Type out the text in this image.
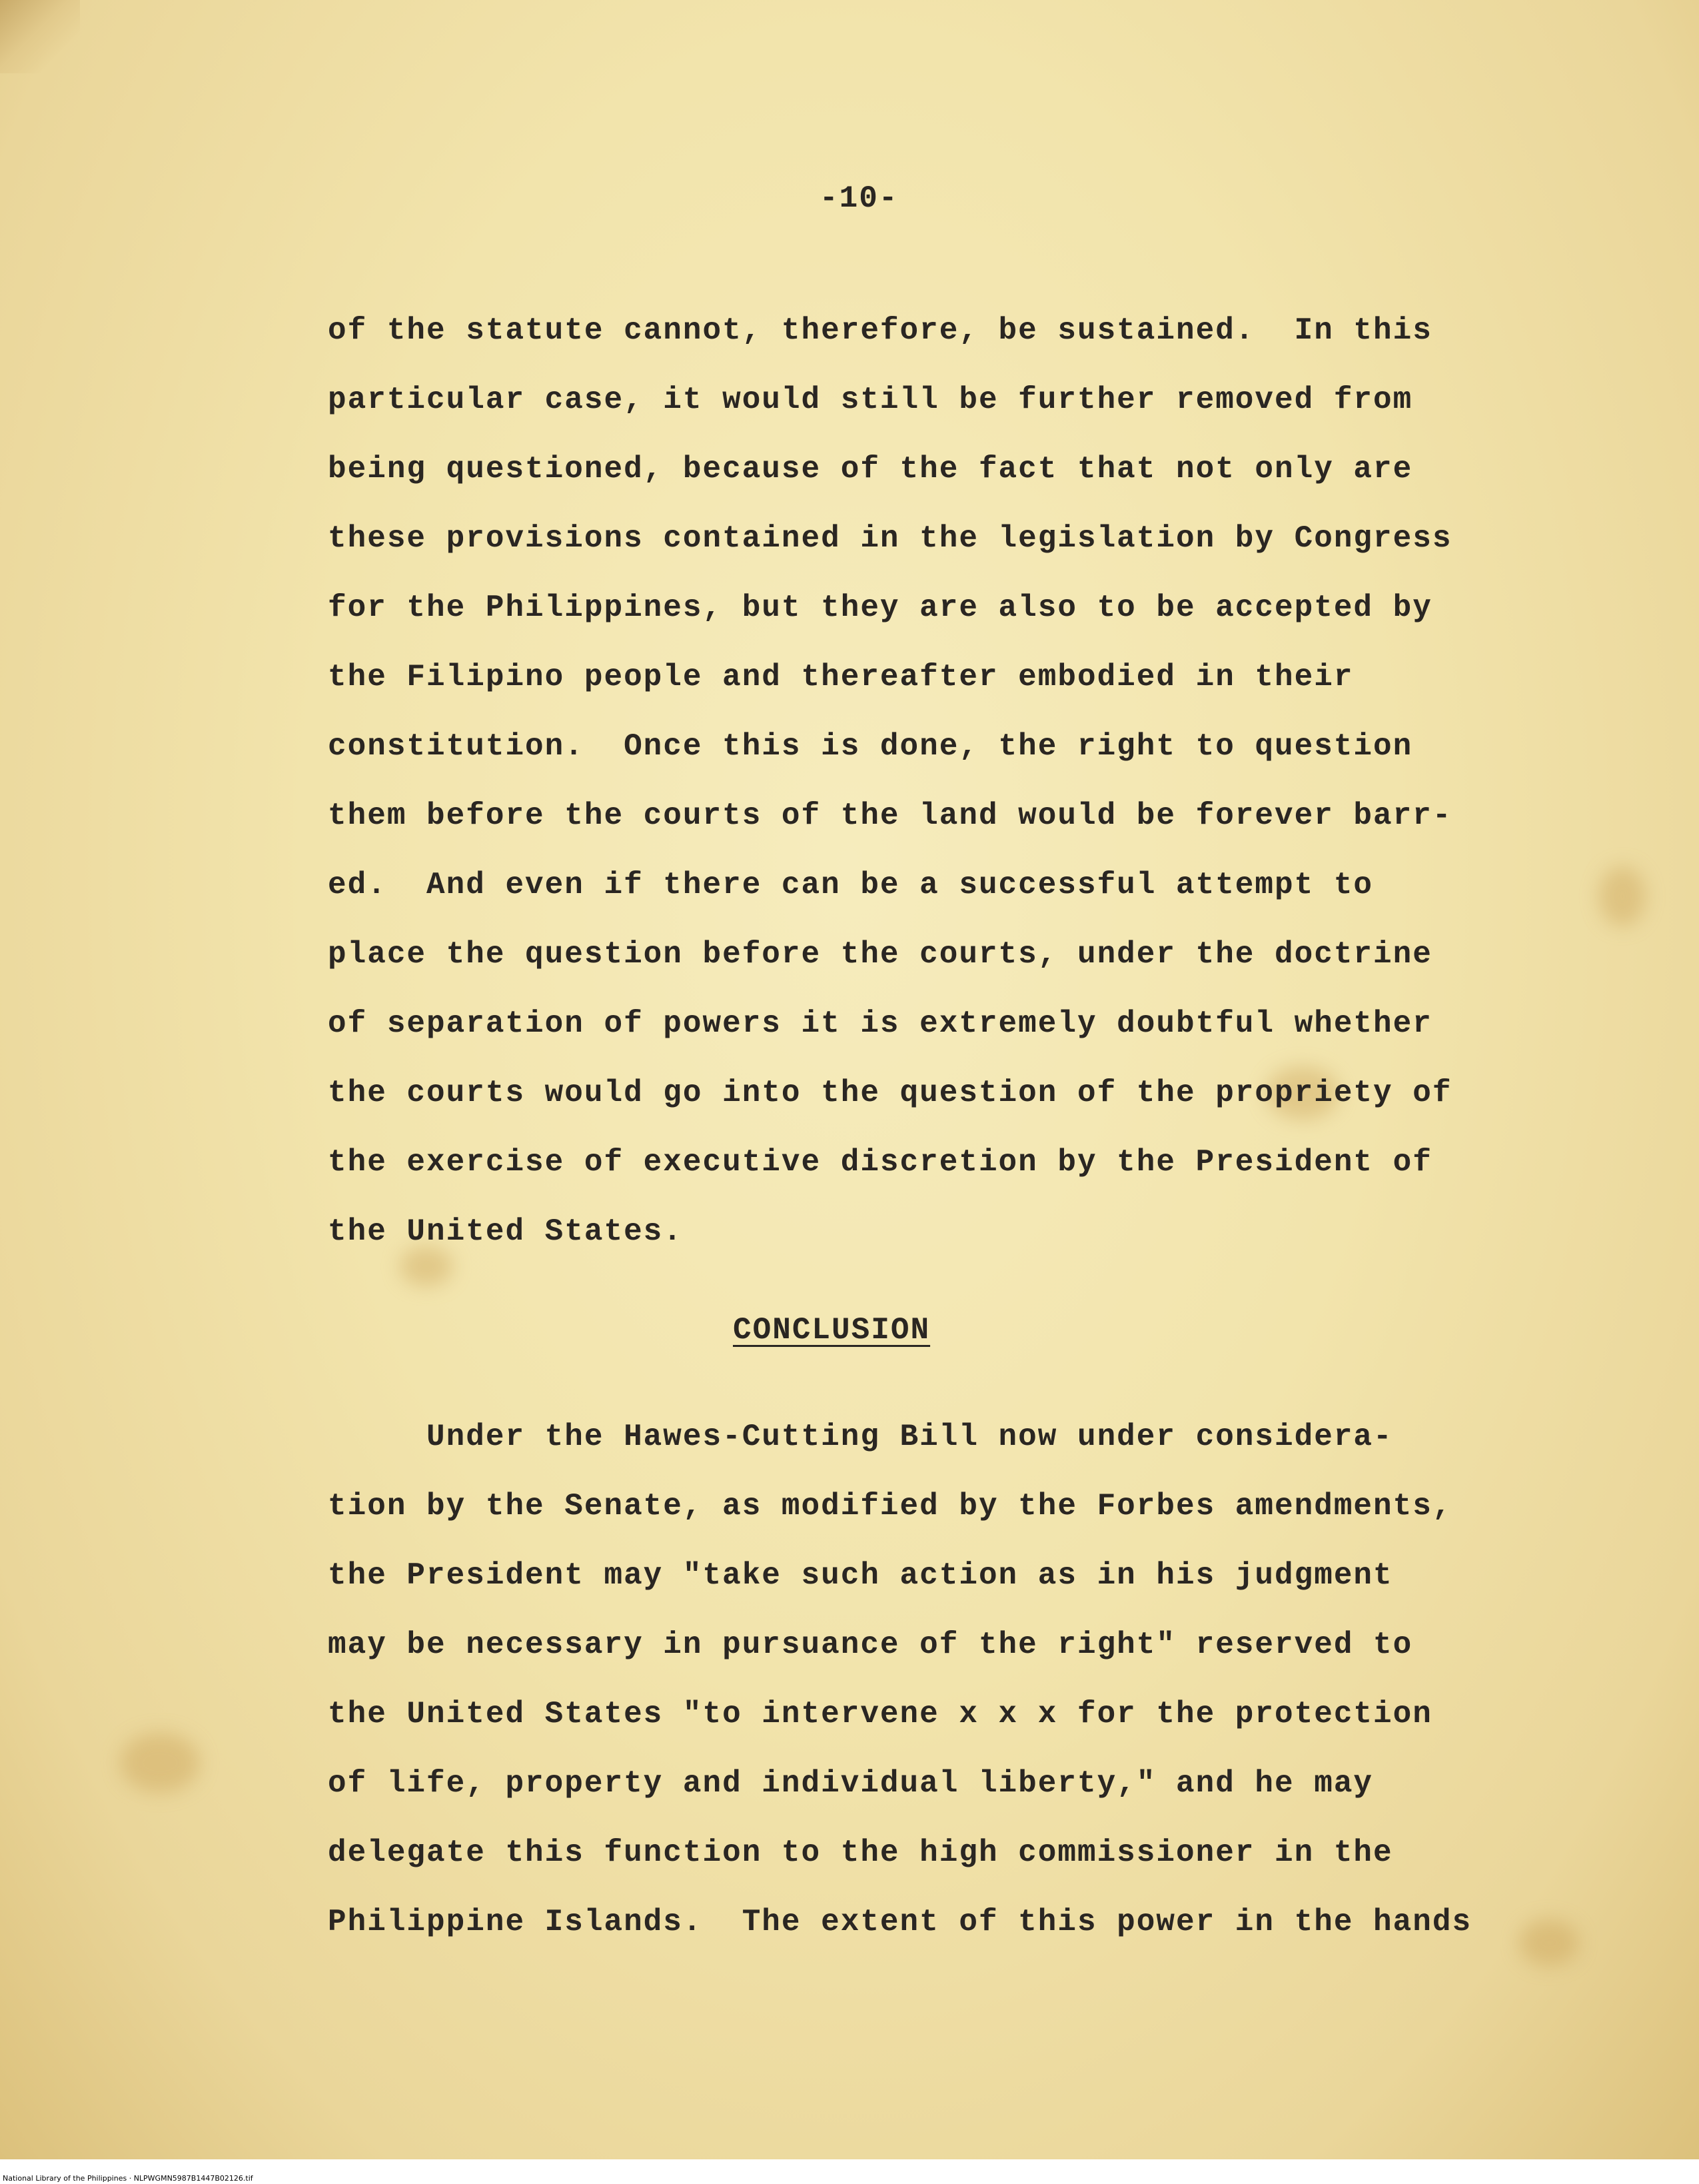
-10-
of the statute cannot, therefore, be sustained.  In this
particular case, it would still be further removed from
being questioned, because of the fact that not only are
these provisions contained in the legislation by Congress
for the Philippines, but they are also to be accepted by
the Filipino people and thereafter embodied in their
constitution.  Once this is done, the right to question
them before the courts of the land would be forever barr-
ed.  And even if there can be a successful attempt to
place the question before the courts, under the doctrine
of separation of powers it is extremely doubtful whether
the courts would go into the question of the propriety of
the exercise of executive discretion by the President of
the United States.
CONCLUSION
Under the Hawes-Cutting Bill now under considera-
tion by the Senate, as modified by the Forbes amendments,
the President may "take such action as in his judgment
may be necessary in pursuance of the right" reserved to
the United States "to intervene x x x for the protection
of life, property and individual liberty," and he may
delegate this function to the high commissioner in the
Philippine Islands.  The extent of this power in the hands
National Library of the Philippines · NLPWGMN5987B1447B02126.tif
